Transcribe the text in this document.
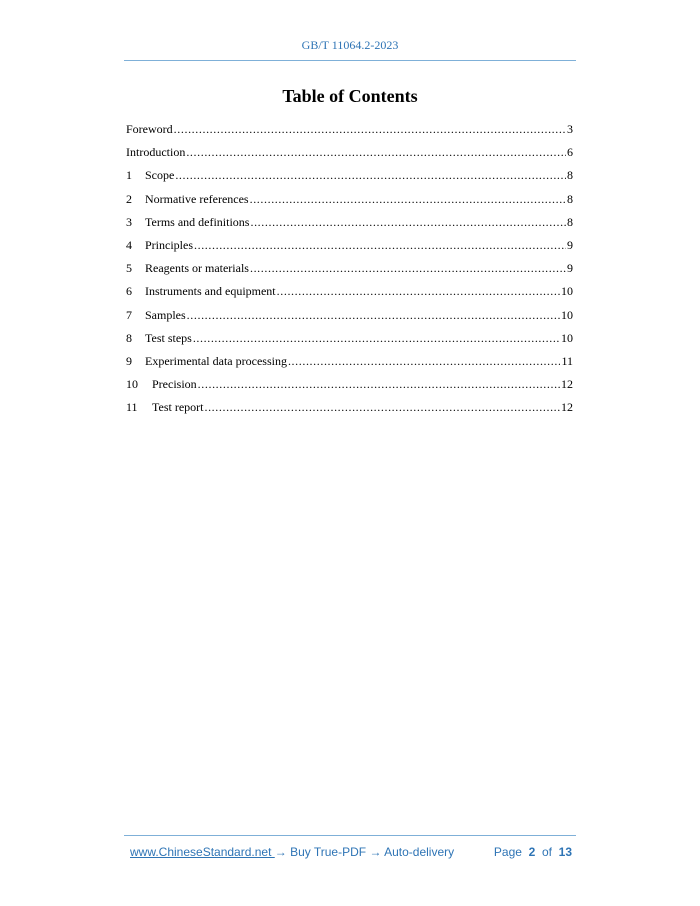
GB/T 11064.2-2023
Table of Contents
Foreword .....	3
Introduction .....	6
1	Scope .....	8
2	Normative references .....	8
3	Terms and definitions .....	8
4	Principles .....	9
5	Reagents or materials .....	9
6	Instruments and equipment .....	10
7	Samples .....	10
8	Test steps .....	10
9	Experimental data processing .....	11
10	Precision .....	12
11	Test report .....	12
www.ChineseStandard.net → Buy True-PDF → Auto-delivery	Page 2 of 13
